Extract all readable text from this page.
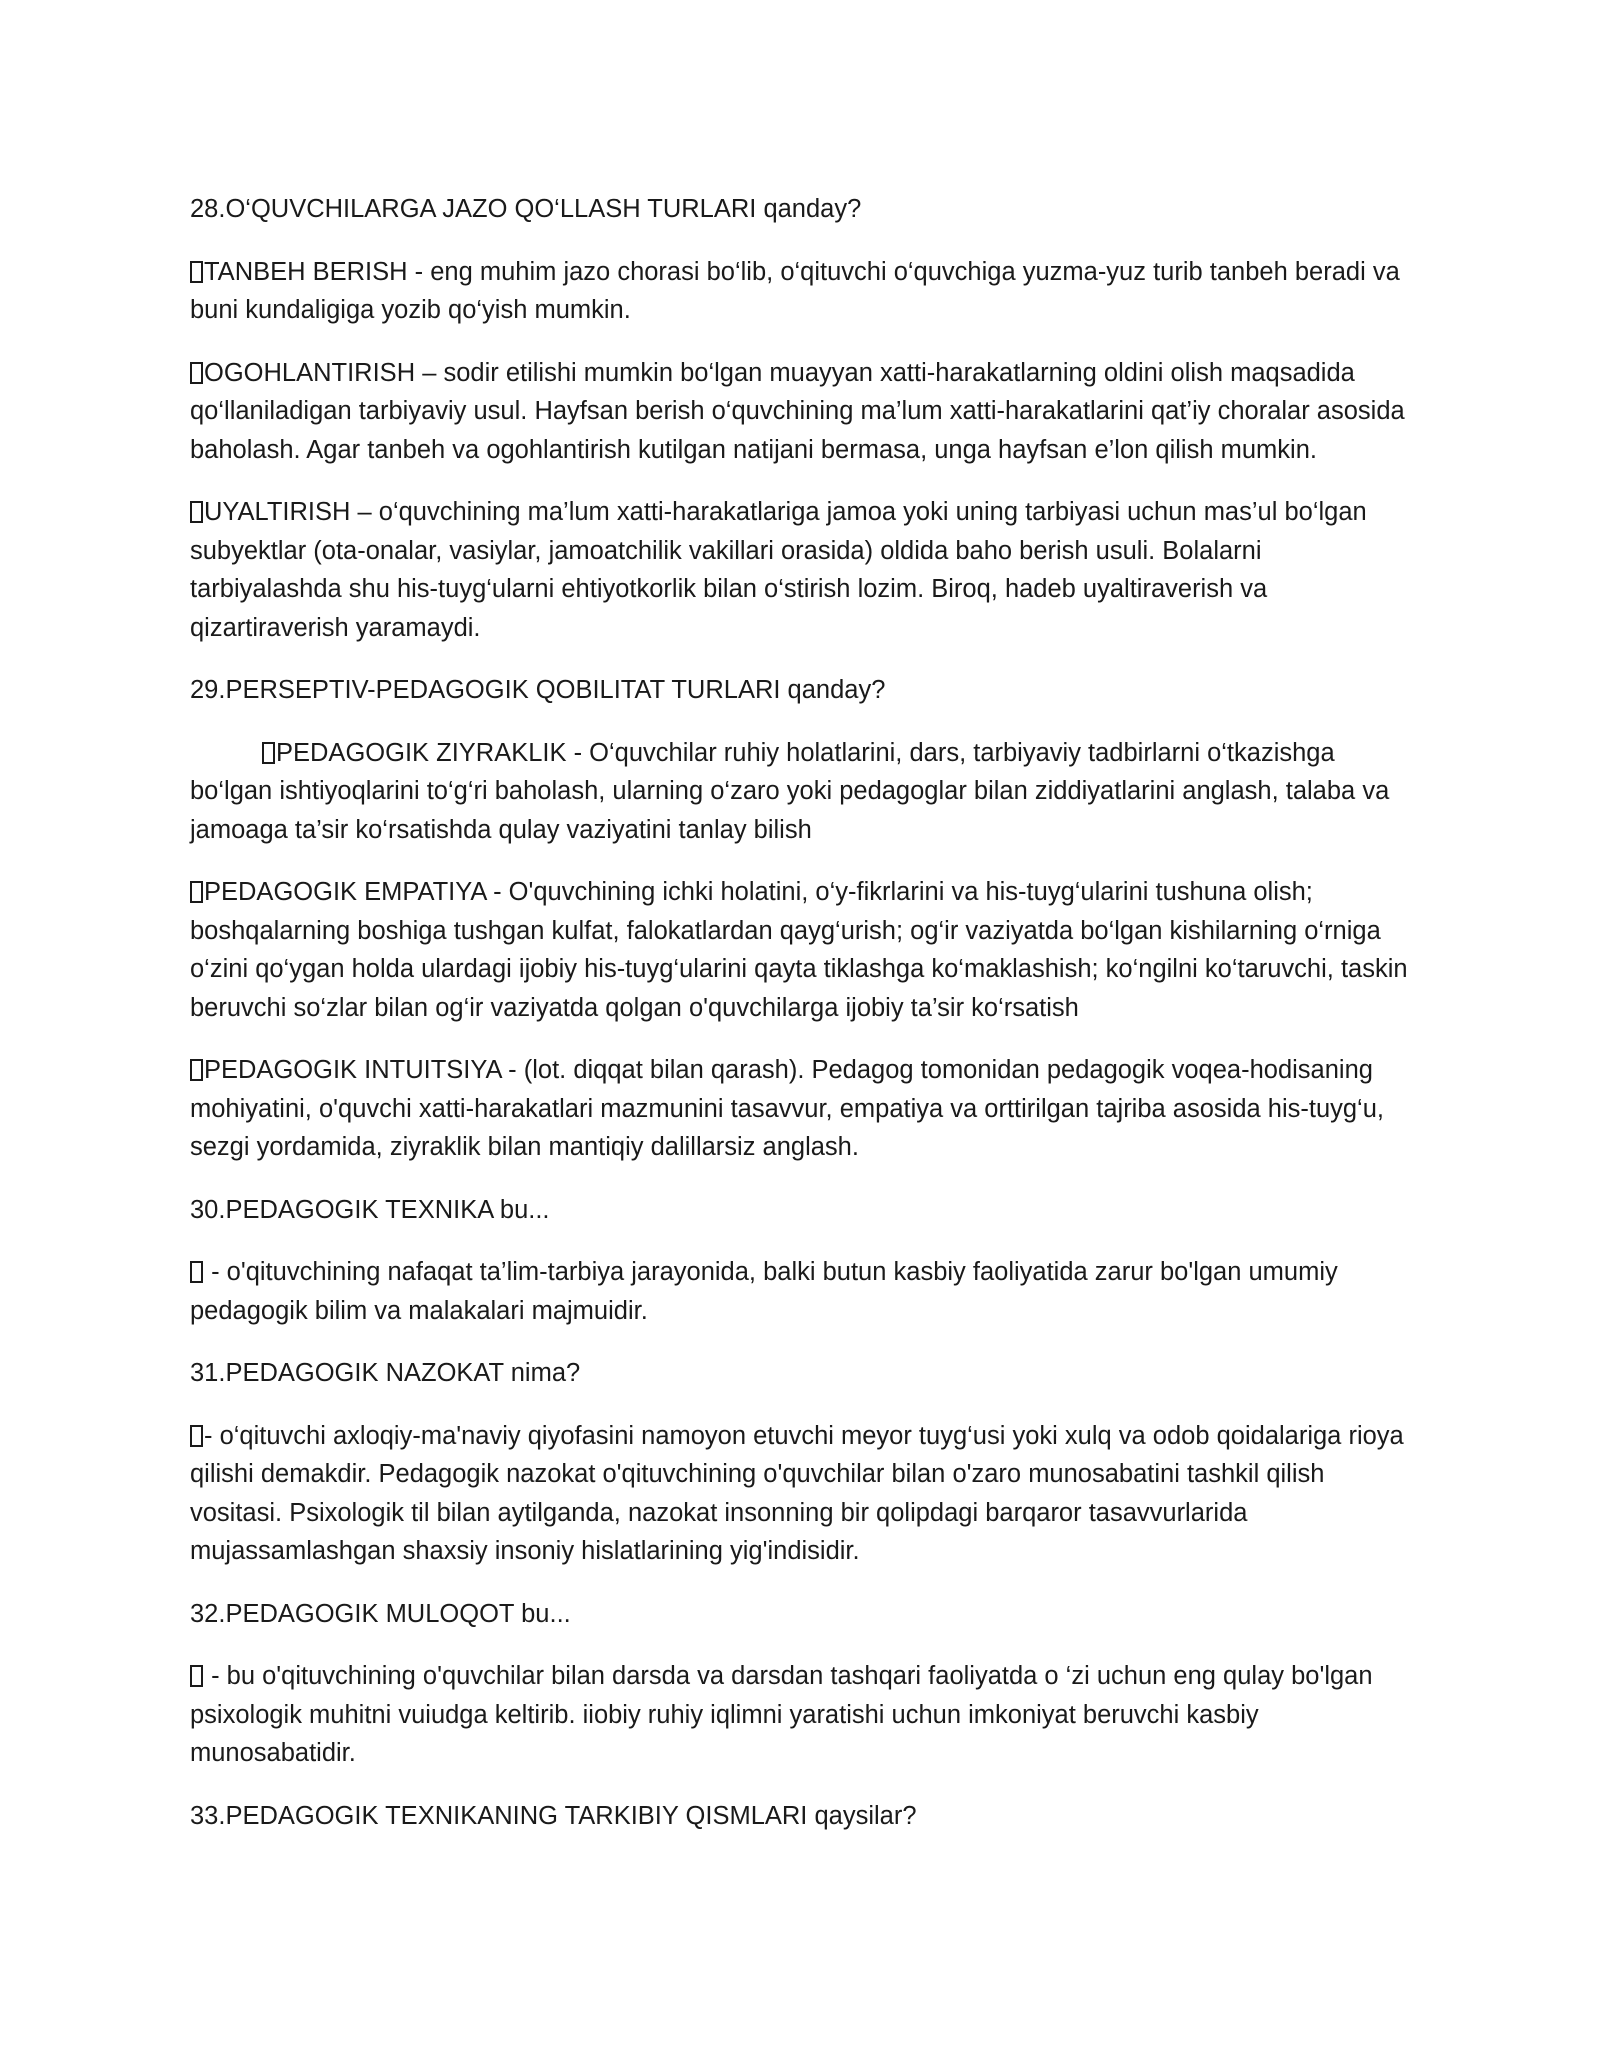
28.O‘QUVCHILARGA JAZO QO‘LLASH TURLARI qanday?
TANBEH BERISH - eng muhim jazo chorasi bo‘lib, o‘qituvchi o‘quvchiga yuzma-yuz turib tanbeh beradi va buni kundaligiga yozib qo‘yish mumkin.
OGOHLANTIRISH – sodir etilishi mumkin bo‘lgan muayyan xatti-harakatlarning oldini olish maqsadida qo‘llaniladigan tarbiyaviy usul. Hayfsan berish o‘quvchining ma’lum xatti-harakatlarini qat’iy choralar asosida baholash. Agar tanbeh va ogohlantirish kutilgan natijani bermasa, unga hayfsan e’lon qilish mumkin.
UYALTIRISH – o‘quvchining ma’lum xatti-harakatlariga jamoa yoki uning tarbiyasi uchun mas’ul bo‘lgan subyektlar (ota-onalar, vasiylar, jamoatchilik vakillari orasida) oldida baho berish usuli. Bolalarni tarbiyalashda shu his-tuyg‘ularni ehtiyotkorlik bilan o‘stirish lozim. Biroq, hadeb uyaltiraverish va qizartiraverish yaramaydi.
29.PERSEPTIV-PEDAGOGIK QOBILITAT TURLARI qanday?
PEDAGOGIK ZIYRAKLIK - O‘quvchilar ruhiy holatlarini, dars, tarbiyaviy tadbirlarni o‘tkazishga bo‘lgan ishtiyoqlarini to‘g‘ri baholash, ularning o‘zaro yoki pedagoglar bilan ziddiyatlarini anglash, talaba va jamoaga ta’sir ko‘rsatishda qulay vaziyatini tanlay bilish
PEDAGOGIK EMPATIYA - O'quvchining ichki holatini, o‘y-fikrlarini va his-tuyg‘ularini tushuna olish; boshqalarning boshiga tushgan kulfat, falokatlardan qayg‘urish; og‘ir vaziyatda bo‘lgan kishilarning o‘rniga o‘zini qo‘ygan holda ulardagi ijobiy his-tuyg‘ularini qayta tiklashga ko‘maklashish; ko‘ngilni ko‘taruvchi, taskin beruvchi so‘zlar bilan og‘ir vaziyatda qolgan o'quvchilarga ijobiy ta’sir ko‘rsatish
PEDAGOGIK INTUITSIYA - (lot. diqqat bilan qarash). Pedagog tomonidan pedagogik voqea-hodisaning mohiyatini, o'quvchi xatti-harakatlari mazmunini tasavvur, empatiya va orttirilgan tajriba asosida his-tuyg‘u, sezgi yordamida, ziyraklik bilan mantiqiy dalillarsiz anglash.
30.PEDAGOGIK TEXNIKA bu...
- o'qituvchining nafaqat ta’lim-tarbiya jarayonida, balki butun kasbiy faoliyatida zarur bo'lgan umumiy pedagogik bilim va malakalari majmuidir.
31.PEDAGOGIK NAZOKAT nima?
- o‘qituvchi axloqiy-ma'naviy qiyofasini namoyon etuvchi meyor tuyg‘usi yoki xulq va odob qoidalariga rioya qilishi demakdir. Pedagogik nazokat o'qituvchining o'quvchilar bilan o'zaro munosabatini tashkil qilish vositasi. Psixologik til bilan aytilganda, nazokat insonning bir qolipdagi barqaror tasavvurlarida mujassamlashgan shaxsiy insoniy hislatlarining yig'indisidir.
32.PEDAGOGIK MULOQOT bu...
- bu o'qituvchining o'quvchilar bilan darsda va darsdan tashqari faoliyatda o ‘zi uchun eng qulay bo'lgan psixologik muhitni vuiudga keltirib. iiobiy ruhiy iqlimni yaratishi uchun imkoniyat beruvchi kasbiy munosabatidir.
33.PEDAGOGIK TEXNIKANING TARKIBIY QISMLARI qaysilar?
